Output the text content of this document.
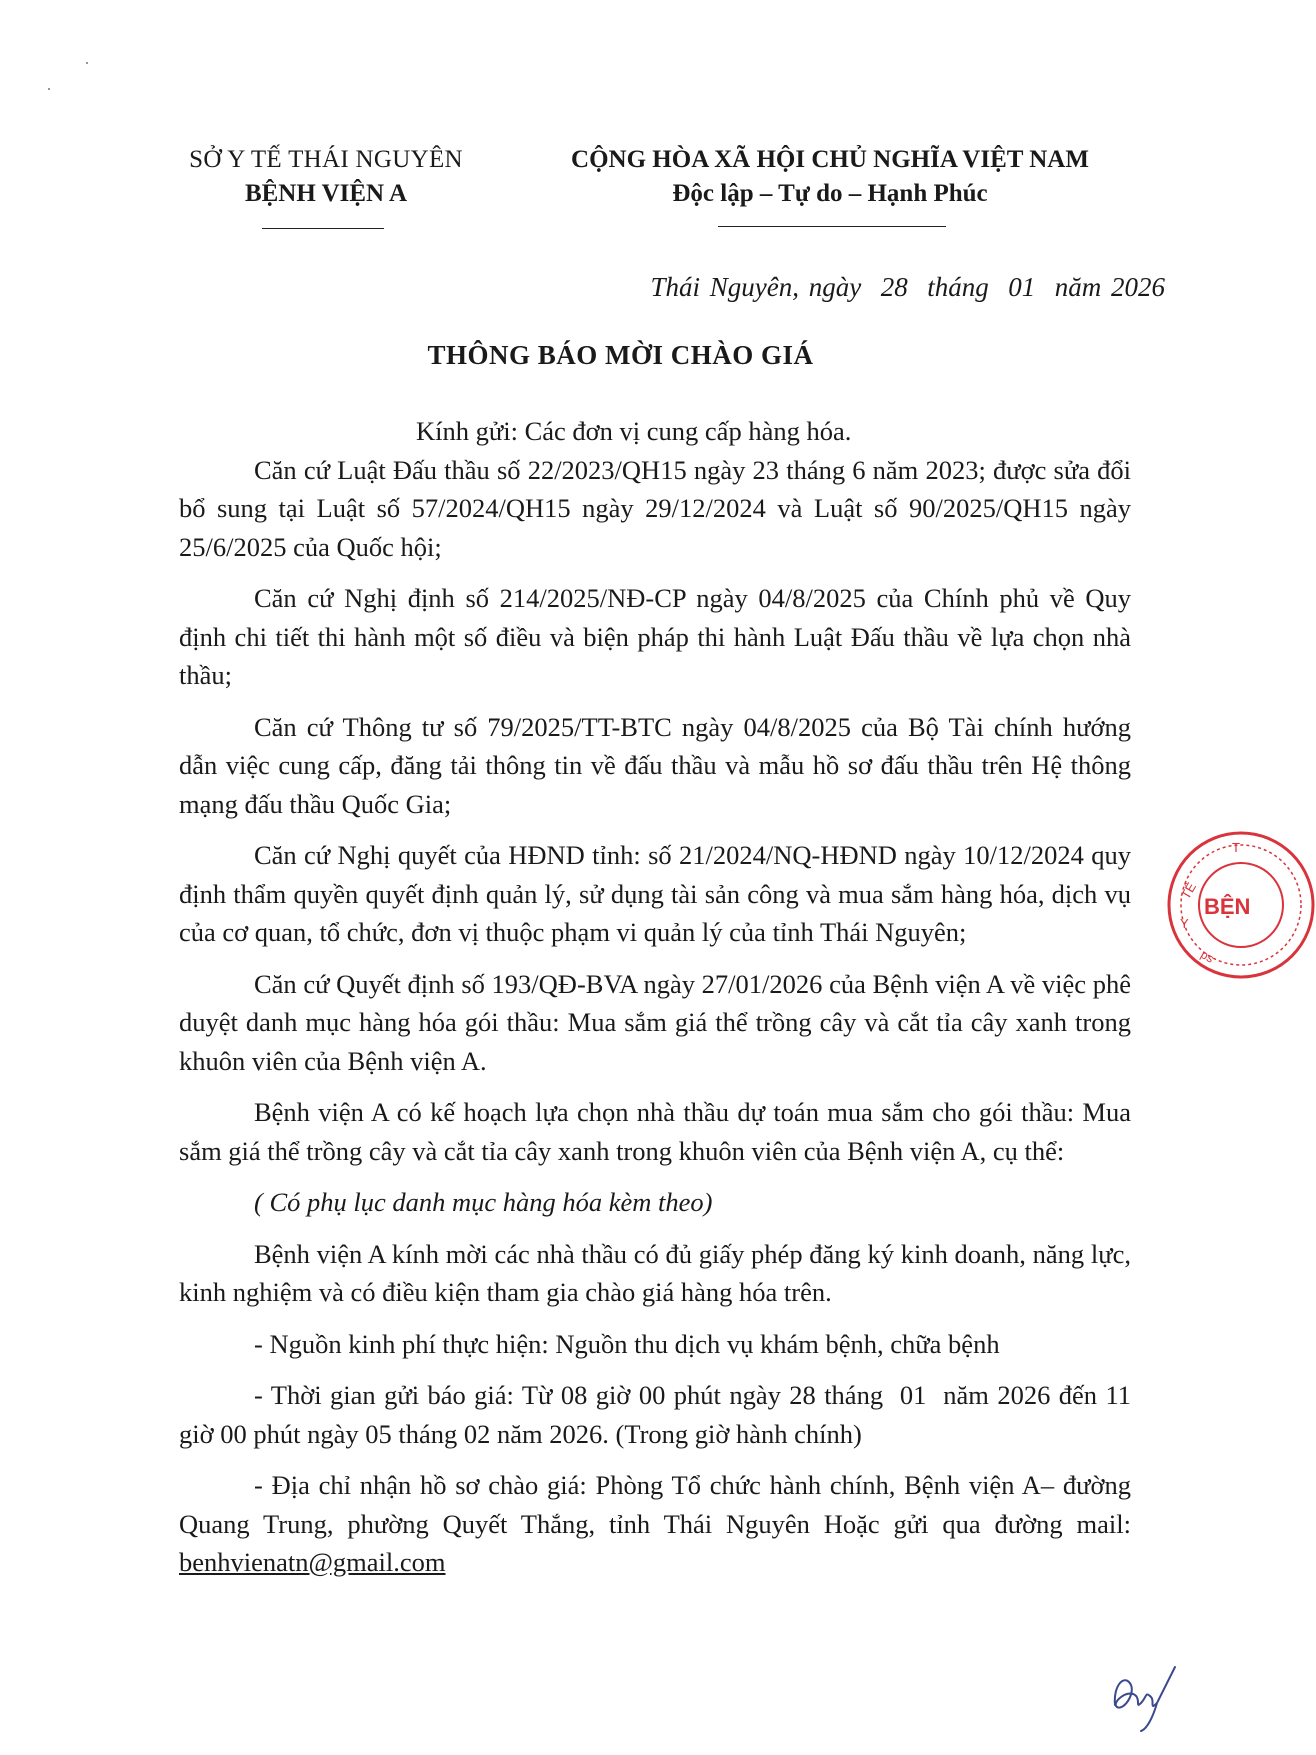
SỞ Y TẾ THÁI NGUYÊN
BỆNH VIỆN A
CỘNG HÒA XÃ HỘI CHỦ NGHĨA VIỆT NAM
Độc lập – Tự do – Hạnh Phúc
Thái Nguyên, ngày  28  tháng  01  năm 2026
THÔNG BÁO MỜI CHÀO GIÁ

Kính gửi: Các đơn vị cung cấp hàng hóa.

Căn cứ Luật Đấu thầu số 22/2023/QH15 ngày 23 tháng 6 năm 2023; được sửa đổi bổ sung tại Luật số 57/2024/QH15 ngày 29/12/2024 và Luật số 90/2025/QH15 ngày 25/6/2025 của Quốc hội;

Căn cứ Nghị định số 214/2025/NĐ-CP ngày 04/8/2025 của Chính phủ về Quy định chi tiết thi hành một số điều và biện pháp thi hành Luật Đấu thầu về lựa chọn nhà thầu;

Căn cứ Thông tư số 79/2025/TT-BTC ngày 04/8/2025 của Bộ Tài chính hướng dẫn việc cung cấp, đăng tải thông tin về đấu thầu và mẫu hồ sơ đấu thầu trên Hệ thông mạng đấu thầu Quốc Gia;

Căn cứ Nghị quyết của HĐND tỉnh: số 21/2024/NQ-HĐND ngày 10/12/2024 quy định thẩm quyền quyết định quản lý, sử dụng tài sản công và mua sắm hàng hóa, dịch vụ của cơ quan, tổ chức, đơn vị thuộc phạm vi quản lý của tỉnh Thái Nguyên;

Căn cứ Quyết định số 193/QĐ-BVA ngày 27/01/2026 của Bệnh viện A về việc phê duyệt danh mục hàng hóa gói thầu: Mua sắm giá thể trồng cây và cắt tỉa cây xanh trong khuôn viên của Bệnh viện A.

Bệnh viện A có kế hoạch lựa chọn nhà thầu dự toán mua sắm cho gói thầu: Mua sắm giá thể trồng cây và cắt tỉa cây xanh trong khuôn viên của Bệnh viện A, cụ thể:

( Có phụ lục danh mục hàng hóa kèm theo)

Bệnh viện A kính mời các nhà thầu có đủ giấy phép đăng ký kinh doanh, năng lực, kinh nghiệm và có điều kiện tham gia chào giá hàng hóa trên.

- Nguồn kinh phí thực hiện: Nguồn thu dịch vụ khám bệnh, chữa bệnh

- Thời gian gửi báo giá: Từ 08 giờ 00 phút ngày 28 tháng  01  năm 2026 đến 11 giờ 00 phút ngày 05 tháng 02 năm 2026. (Trong giờ hành chính)

- Địa chỉ nhận hồ sơ chào giá: Phòng Tổ chức hành chính, Bệnh viện A– đường Quang Trung, phường Quyết Thắng, tỉnh Thái Nguyên Hoặc gửi qua đường mail: benhvienatn@gmail.com

BỆN
Y
TẾ
T
ps
